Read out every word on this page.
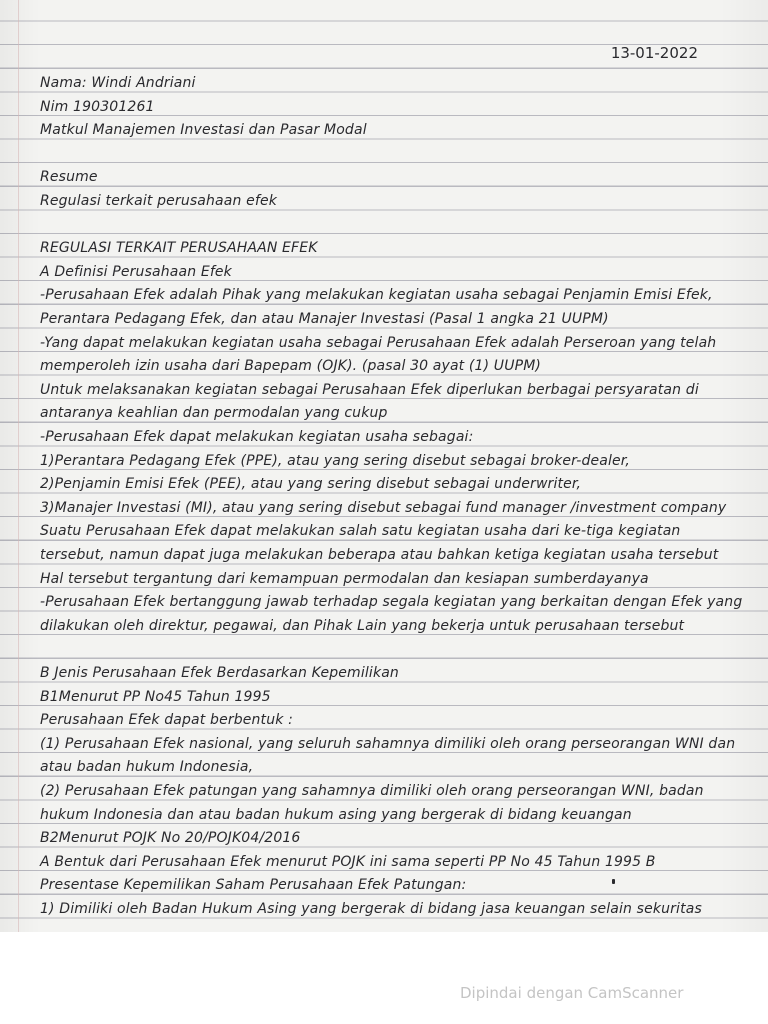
13-01-2022
Nama: Windi Andriani
Nim 190301261
Matkul Manajemen Investasi dan Pasar Modal
Resume
Regulasi terkait perusahaan efek
REGULASI TERKAIT PERUSAHAAN EFEK
A Definisi Perusahaan Efek
-Perusahaan Efek adalah Pihak yang melakukan kegiatan usaha sebagai Penjamin Emisi Efek,
Perantara Pedagang Efek, dan atau Manajer Investasi (Pasal 1 angka 21 UUPM)
-Yang dapat melakukan kegiatan usaha sebagai Perusahaan Efek adalah Perseroan yang telah
memperoleh izin usaha dari Bapepam (OJK). (pasal 30 ayat (1) UUPM)
Untuk melaksanakan kegiatan sebagai Perusahaan Efek diperlukan berbagai persyaratan di
antaranya keahlian dan permodalan yang cukup
-Perusahaan Efek dapat melakukan kegiatan usaha sebagai:
1)Perantara Pedagang Efek (PPE), atau yang sering disebut sebagai broker-dealer,
2)Penjamin Emisi Efek (PEE), atau yang sering disebut sebagai underwriter,
3)Manajer Investasi (MI), atau yang sering disebut sebagai fund manager /investment company
Suatu Perusahaan Efek dapat melakukan salah satu kegiatan usaha dari ke-tiga kegiatan
tersebut, namun dapat juga melakukan beberapa atau bahkan ketiga kegiatan usaha tersebut
Hal tersebut tergantung dari kemampuan permodalan dan kesiapan sumberdayanya
-Perusahaan Efek bertanggung jawab terhadap segala kegiatan yang berkaitan dengan Efek yang
dilakukan oleh direktur, pegawai, dan Pihak Lain yang bekerja untuk perusahaan tersebut
B Jenis Perusahaan Efek Berdasarkan Kepemilikan
B1Menurut PP No45 Tahun 1995
Perusahaan Efek dapat berbentuk :
(1) Perusahaan Efek nasional, yang seluruh sahamnya dimiliki oleh orang perseorangan WNI dan
atau badan hukum Indonesia,
(2) Perusahaan Efek patungan yang sahamnya dimiliki oleh orang perseorangan WNI, badan
hukum Indonesia dan atau badan hukum asing yang bergerak di bidang keuangan
B2Menurut POJK No 20/POJK04/2016
A Bentuk dari Perusahaan Efek menurut POJK ini sama seperti PP No 45 Tahun 1995 B
Presentase Kepemilikan Saham Perusahaan Efek Patungan:
1) Dimiliki oleh Badan Hukum Asing yang bergerak di bidang jasa keuangan selain sekuritas
Dipindai dengan CamScanner
